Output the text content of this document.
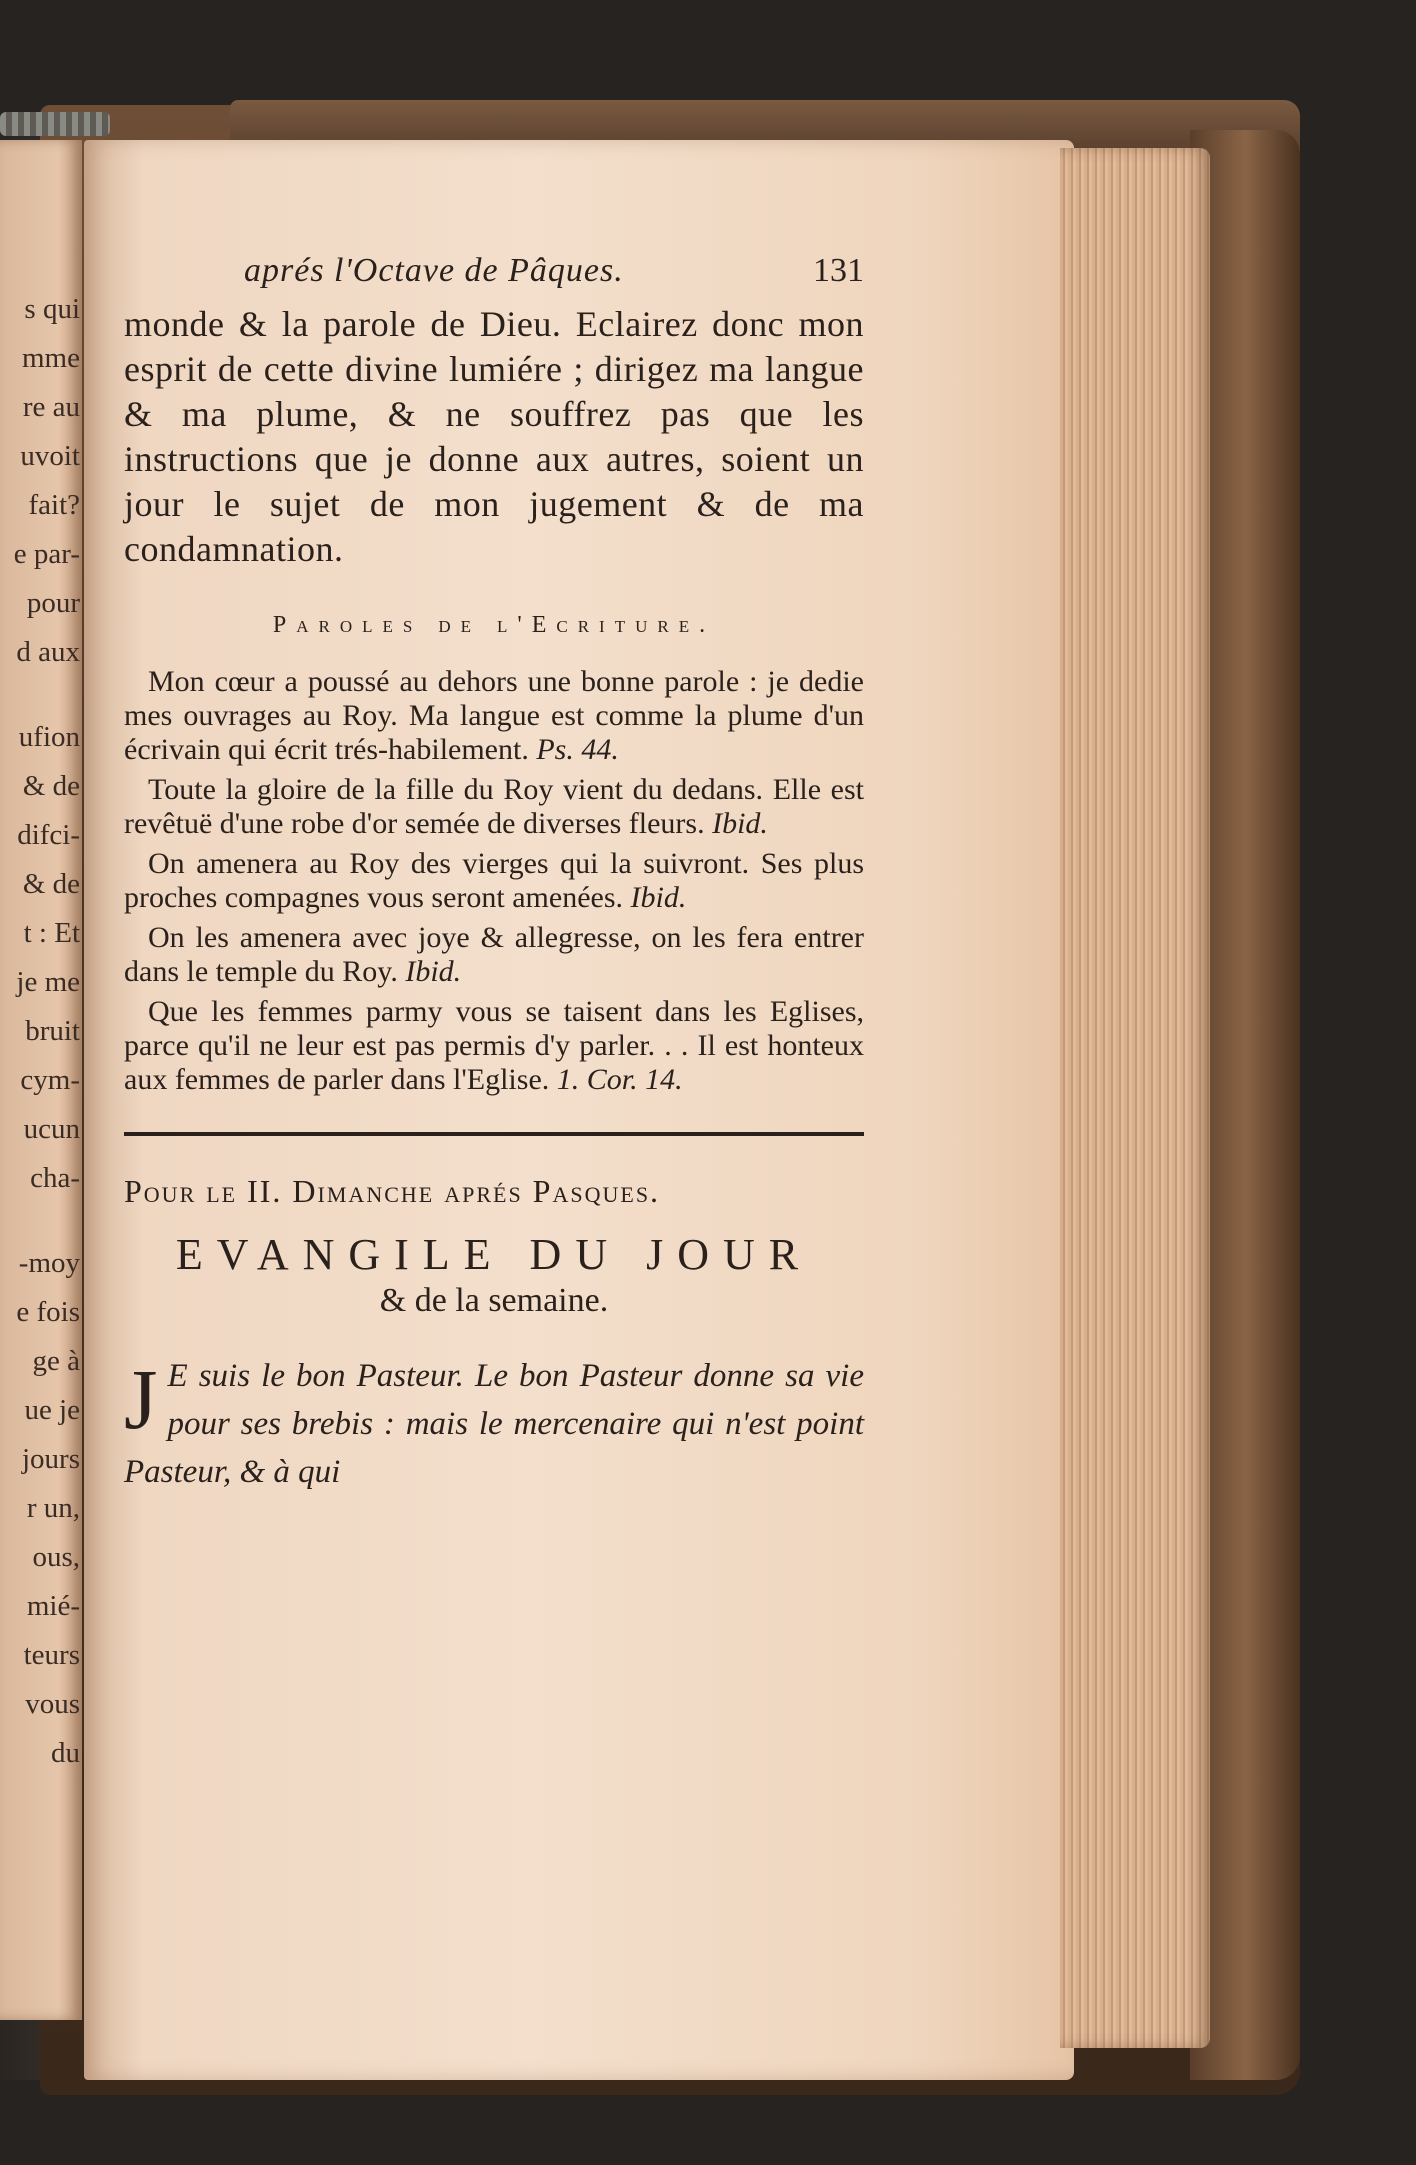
s qui
mme
re au
uvoit
fait?
e par-
pour
d aux
ufion
& de
difci-
& de
t : Et
je me
bruit
cym-
ucun
cha-
-moy
e fois
ge à
ue je
jours
r un,
ous,
mié-
teurs
vous
du
aprés l'Octave de Pâques.	131

monde & la parole de Dieu. Eclairez donc mon esprit de cette divine lumiére ; dirigez ma langue & ma plume, & ne souffrez pas que les instructions que je donne aux autres, soient un jour le sujet de mon jugement & de ma condamnation.

Paroles de l'Ecriture.

Mon cœur a poussé au dehors une bonne parole : je dedie mes ouvrages au Roy. Ma langue est comme la plume d'un écrivain qui écrit trés-habilement. Ps. 44.

Toute la gloire de la fille du Roy vient du dedans. Elle est revêtuë d'une robe d'or semée de diverses fleurs. Ibid.

On amenera au Roy des vierges qui la suivront. Ses plus proches compagnes vous seront amenées. Ibid.

On les amenera avec joye & allegresse, on les fera entrer dans le temple du Roy. Ibid.

Que les femmes parmy vous se taisent dans les Eglises, parce qu'il ne leur est pas permis d'y parler. . . Il est honteux aux femmes de parler dans l'Eglise. 1. Cor. 14.

Pour le II. Dimanche aprés Pasques.

EVANGILE DU JOUR

& de la semaine.

J E suis le bon Pasteur. Le bon Pasteur donne sa vie pour ses brebis : mais le mercenaire qui n'est point Pasteur, & à qui
